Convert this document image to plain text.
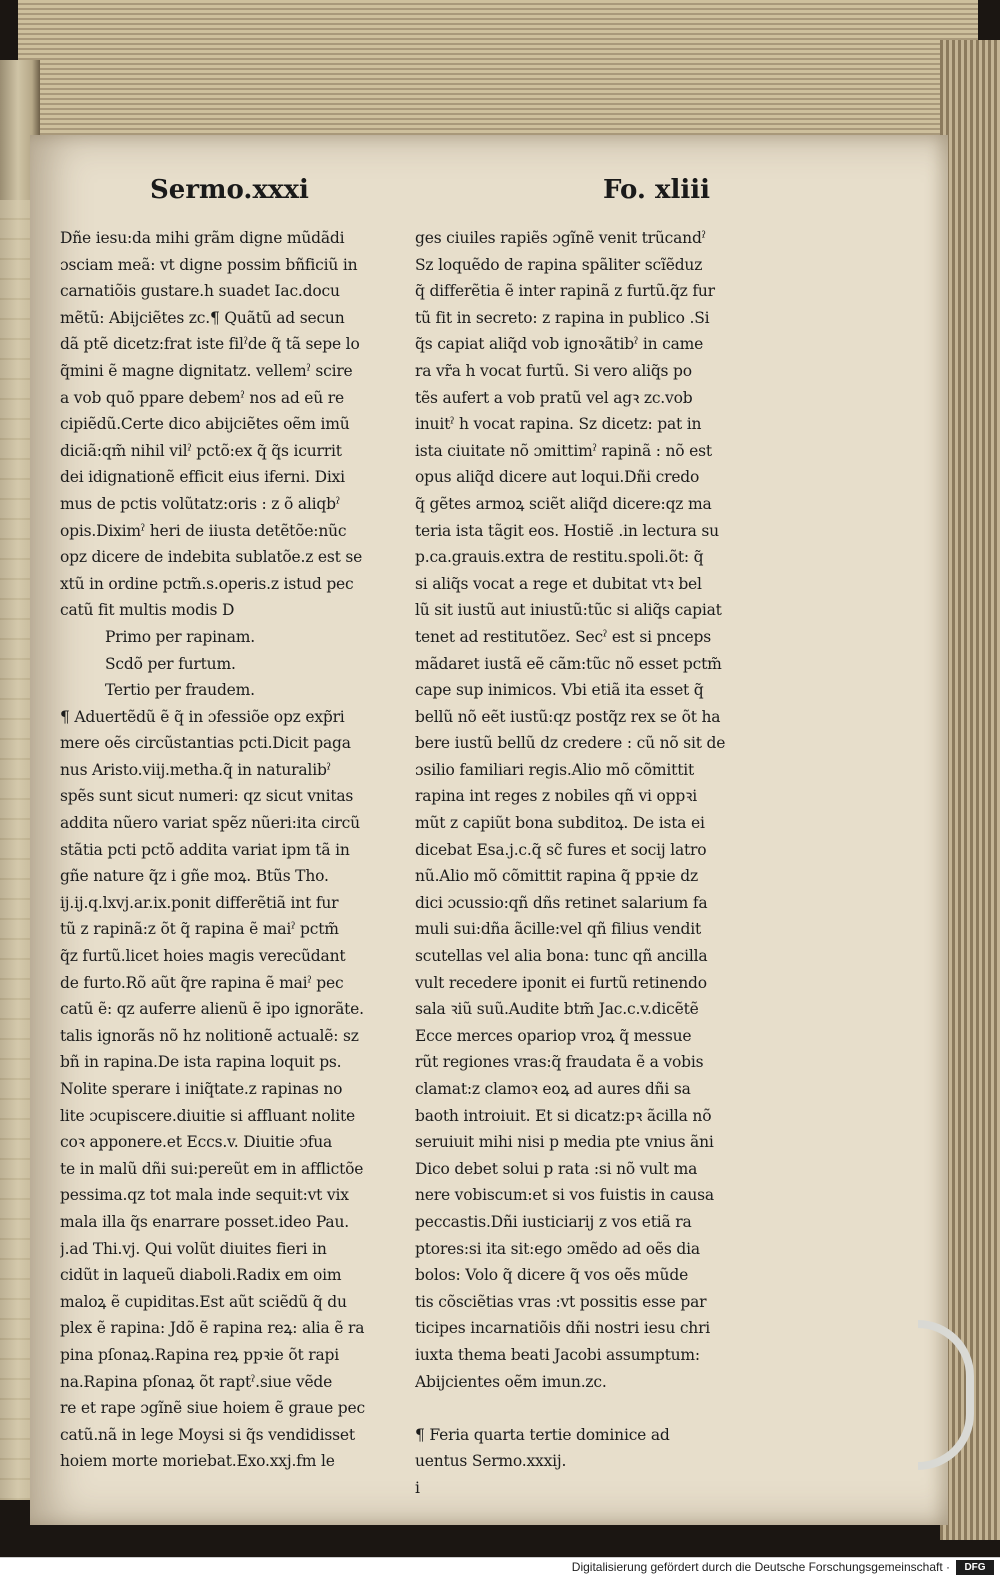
Sermo.xxxi	Fo. xliii
Dñe iesu:da mihi grãm digne mũdãdi
ɔsciam meã: vt digne possim bñficiũ in
carnatiõis gustare.h suadet Iac.docu
mẽtũ: Abijciẽtes zc.¶ Quãtũ ad secun
dã ptẽ dicetz:frat iste filˀde q̃ tã sepe lo
q̃mini ẽ magne dignitatz. vellemˀ scire
a vob quõ ppare debemˀ nos ad eũ re
cipiẽdũ.Certe dico abijciẽtes oẽm imũ
diciã:qm̃ nihil vilˀ pctõ:ex q̃ q̃s icurrit
dei idignationẽ efficit eius iferni. Dixi
mus de pctis volũtatz:oris : z õ aliqbˀ
opis.Diximˀ heri de iiusta detẽtõe:nũc
opz dicere de indebita sublatõe.z est se
xtũ in ordine pctm̃.s.operis.z istud pec
catũ fit multis modis D
Primo per rapinam.
Scdõ per furtum.
Tertio per fraudem.
¶ Aduertẽdũ ẽ q̃ in ɔfessiõe opz exp̃ri
mere oẽs circũstantias pcti.Dicit paga
nus Aristo.viij.metha.q̃ in naturalibˀ
spẽs sunt sicut numeri: qz sicut vnitas
addita nũero variat spẽz nũeri:ita circũ
stãtia pcti pctõ addita variat ipm tã in
gñe nature q̃z i gñe moꝝ. Btũs Tho.
ij.ij.q.lxvj.ar.ix.ponit differẽtiã int fur
tũ z rapinã:z õt q̃ rapina ẽ maiˀ pctm̃
q̃z furtũ.licet hoies magis verecũdant
de furto.Rõ aũt q̃re rapina ẽ maiˀ pec
catũ ẽ: qz auferre alienũ ẽ ipo ignorãte.
talis ignorãs nõ hz nolitionẽ actualẽ: sz
bñ in rapina.De ista rapina loquit ps.
Nolite sperare i iniq̃tate.z rapinas no
lite ɔcupiscere.diuitie si affluant nolite
coꝛ apponere.et Eccs.v. Diuitie ɔfua
te in malũ dñi sui:pereũt em in afflictõe
pessima.qz tot mala inde sequit:vt vix
mala illa q̃s enarrare posset.ideo Pau.
j.ad Thi.vj. Qui volũt diuites fieri in
cidũt in laqueũ diaboli.Radix em oim
maloꝝ ẽ cupiditas.Est aũt sciẽdũ q̃ du
plex ẽ rapina: Jdõ ẽ rapina reꝝ: alia ẽ ra
pina pſonaꝝ.Rapina reꝝ ppꝛie õt rapi
na.Rapina pſonaꝝ õt raptˀ.siue vẽde
re et rape ɔgĩnẽ siue hoiem ẽ graue pec
catũ.nã in lege Moysi si q̃s vendidisset
hoiem morte moriebat.Exo.xxj.fm le
ges ciuiles rapiẽs ɔgĩnẽ venit trũcandˀ
Sz loquẽdo de rapina spãliter scĩẽduz
q̃ differẽtia ẽ inter rapinã z furtũ.q̃z fur
tũ fit in secreto: z rapina in publico .Si
q̃s capiat aliq̃d vob ignoꝛãtibˀ in came
ra vr̃a h vocat furtũ. Si vero aliq̃s po
tẽs aufert a vob pratũ vel agꝛ zc.vob
inuitˀ h vocat rapina. Sz dicetz: pat in
ista ciuitate nõ ɔmittimˀ rapinã : nõ est
opus aliq̃d dicere aut loqui.Dñi credo
q̃ gẽtes armoꝝ sciẽt aliq̃d dicere:qz ma
teria ista tãgit eos. Hostiẽ .in lectura su
p.ca.grauis.extra de restitu.spoli.õt: q̃
si aliq̃s vocat a rege et dubitat vtꝛ bel
lũ sit iustũ aut iniustũ:tũc si aliq̃s capiat
tenet ad restitutõez. Secˀ est si pnceps
mãdaret iustã eẽ cãm:tũc nõ esset pctm̃
cape sup inimicos. Vbi etiã ita esset q̃
bellũ nõ eẽt iustũ:qz postq̃z rex se õt ha
bere iustũ bellũ dz credere : cũ nõ sit de
ɔsilio familiari regis.Alio mõ cõmittit
rapina int reges z nobiles qñ vi oppꝛi
mũt z capiũt bona subditoꝝ. De ista ei
dicebat Esa.j.c.q̃ sc̃ fures et socij latro
nũ.Alio mõ cõmittit rapina q̃ ppꝛie dz
dici ɔcussio:qñ dñs retinet salarium fa
muli sui:dña ãcille:vel qñ filius vendit
scutellas vel alia bona: tunc qñ ancilla
vult recedere iponit ei furtũ retinendo
sala ꝛiũ suũ.Audite btm̃ Jac.c.v.dicẽtẽ
Ecce merces opariop vroꝝ q̃ messue
rũt regiones vras:q̃ fraudata ẽ a vobis
clamat:z clamoꝛ eoꝝ ad aures dñi sa
baoth introiuit. Et si dicatz:pꝛ ãcilla nõ
seruiuit mihi nisi p media pte vnius ãni
Dico debet solui p rata :si nõ vult ma
nere vobiscum:et si vos fuistis in causa
peccastis.Dñi iusticiarij z vos etiã ra
ptores:si ita sit:ego ɔmẽdo ad oẽs dia
bolos: Volo q̃ dicere q̃ vos oẽs mũde
tis cõsciẽtias vras :vt possitis esse par
ticipes incarnatiõis dñi nostri iesu chri
iuxta thema beati Jacobi assumptum:
Abijcientes oẽm imun.zc.
¶ Feria quarta tertie dominice ad
uentus Sermo.xxxij.
i
Digitalisierung gefördert durch die Deutsche Forschungsgemeinschaft ·	DFG
